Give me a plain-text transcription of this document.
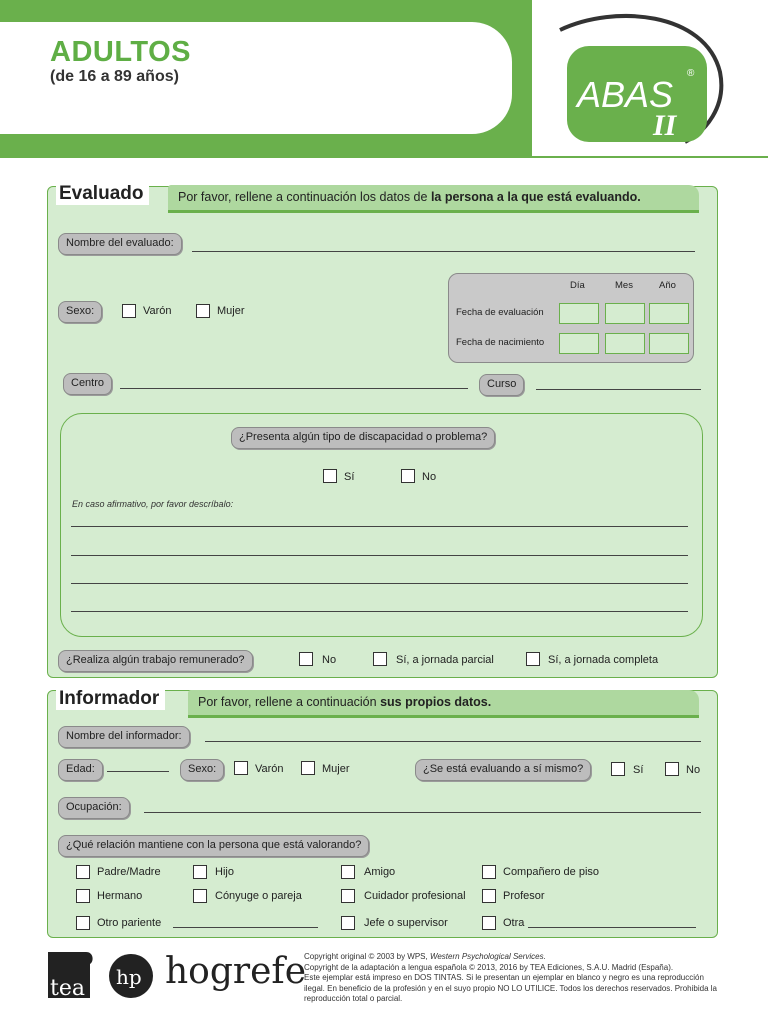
ADULTOS
(de 16 a 89 años)	ABAS
II
®
Evaluado	Por favor, rellene a continuación los datos de la persona a la que está evaluando.
Nombre del evaluado:
Sexo:	Varón	Mujer
Día	Mes	Año
Fecha de evaluación
Fecha de nacimiento
Centro	Curso
¿Presenta algún tipo de discapacidad o problema?
Sí	No
En caso afirmativo, por favor descríbalo:
¿Realiza algún trabajo remunerado?	No	Sí, a jornada parcial	Sí, a jornada completa
Informador	Por favor, rellene a continuación sus propios datos.
Nombre del informador:
Edad:	Sexo:	Varón	Mujer	¿Se está evaluando a sí mismo?	Sí	No
Ocupación:
¿Qué relación mantiene con la persona que está valorando?
Padre/Madre	Hijo	Amigo	Compañero de piso
Hermano	Cónyuge o pareja	Cuidador profesional	Profesor
Otro pariente	Jefe o supervisor	Otra
tea hp hogrefe
Copyright original © 2003 by WPS, Western Psychological Services.
Copyright de la adaptación a lengua española © 2013, 2016 by TEA Ediciones, S.A.U. Madrid (España).
Este ejemplar está impreso en DOS TINTAS. Si le presentan un ejemplar en blanco y negro es una reproducción ilegal. En beneficio de la profesión y en el suyo propio NO LO UTILICE. Todos los derechos reservados. Prohibida la reproducción total o parcial.
